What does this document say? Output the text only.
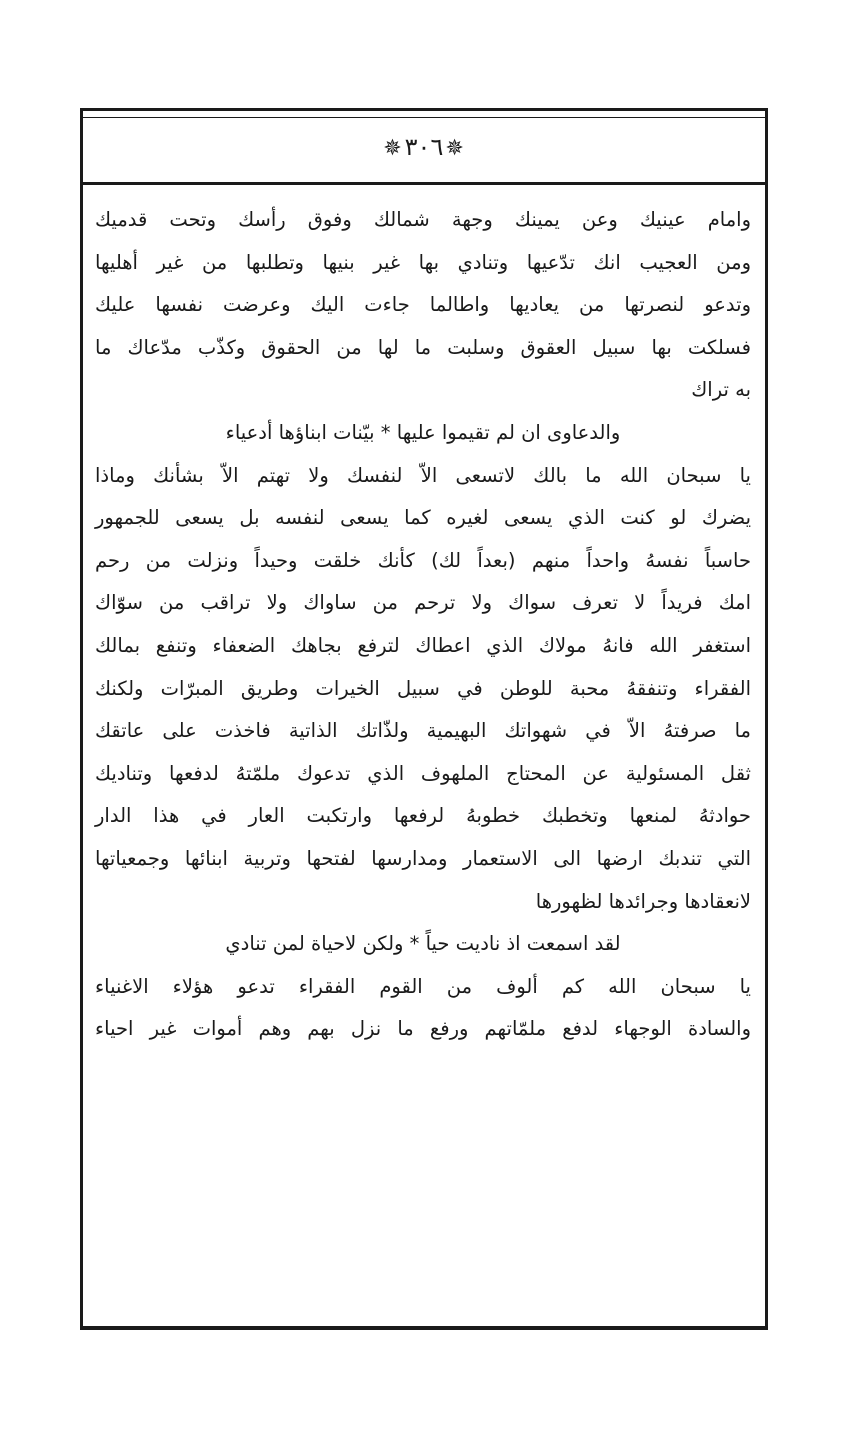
✵٣٠٦✵
وامام عينيك وعن يمينك وجهة شمالك وفوق رأسك وتحت قدميك
ومن العجيب انك تدّعيها وتنادي بها غير بنيها وتطلبها من غير أهليها
وتدعو لنصرتها من يعاديها واطالما جاءت اليك وعرضت نفسها عليك
فسلكت بها سبيل العقوق وسلبت ما لها من الحقوق وكذّب مدّعاك ما
به تراك
والدعاوى ان لم تقيموا عليها * بيّنات ابناؤها أدعياء
يا سبحان الله ما بالك لاتسعى الاّ لنفسك ولا تهتم الاّ بشأنك وماذا
يضرك لو كنت الذي يسعى لغيره كما يسعى لنفسه بل يسعى للجمهور
حاسباً نفسهُ واحداً منهم (بعداً لك) كأنك خلقت وحيداً ونزلت من رحم
امك فريداً لا تعرف سواك ولا ترحم من ساواك ولا تراقب من سوّاك
استغفر الله فانهُ مولاك الذي اعطاك لترفع بجاهك الضعفاء وتنفع بمالك
الفقراء وتنفقهُ محبة للوطن في سبيل الخيرات وطريق المبرّات ولكنك
ما صرفتهُ الاّ في شهواتك البهيمية ولذّاتك الذاتية فاخذت على عاتقك
ثقل المسئولية عن المحتاج الملهوف الذي تدعوك ملمّتهُ لدفعها وتناديك
حوادثهُ لمنعها وتخطبك خطوبهُ لرفعها وارتكبت العار في هذا الدار
التي تندبك ارضها الى الاستعمار ومدارسها لفتحها وتربية ابنائها وجمعياتها
لانعقادها وجرائدها لظهورها
لقد اسمعت اذ ناديت حياً * ولكن لاحياة لمن تنادي
يا سبحان الله كم ألوف من القوم الفقراء تدعو هؤلاء الاغنياء
والسادة الوجهاء لدفع ملمّاتهم ورفع ما نزل بهم وهم أموات غير احياء
